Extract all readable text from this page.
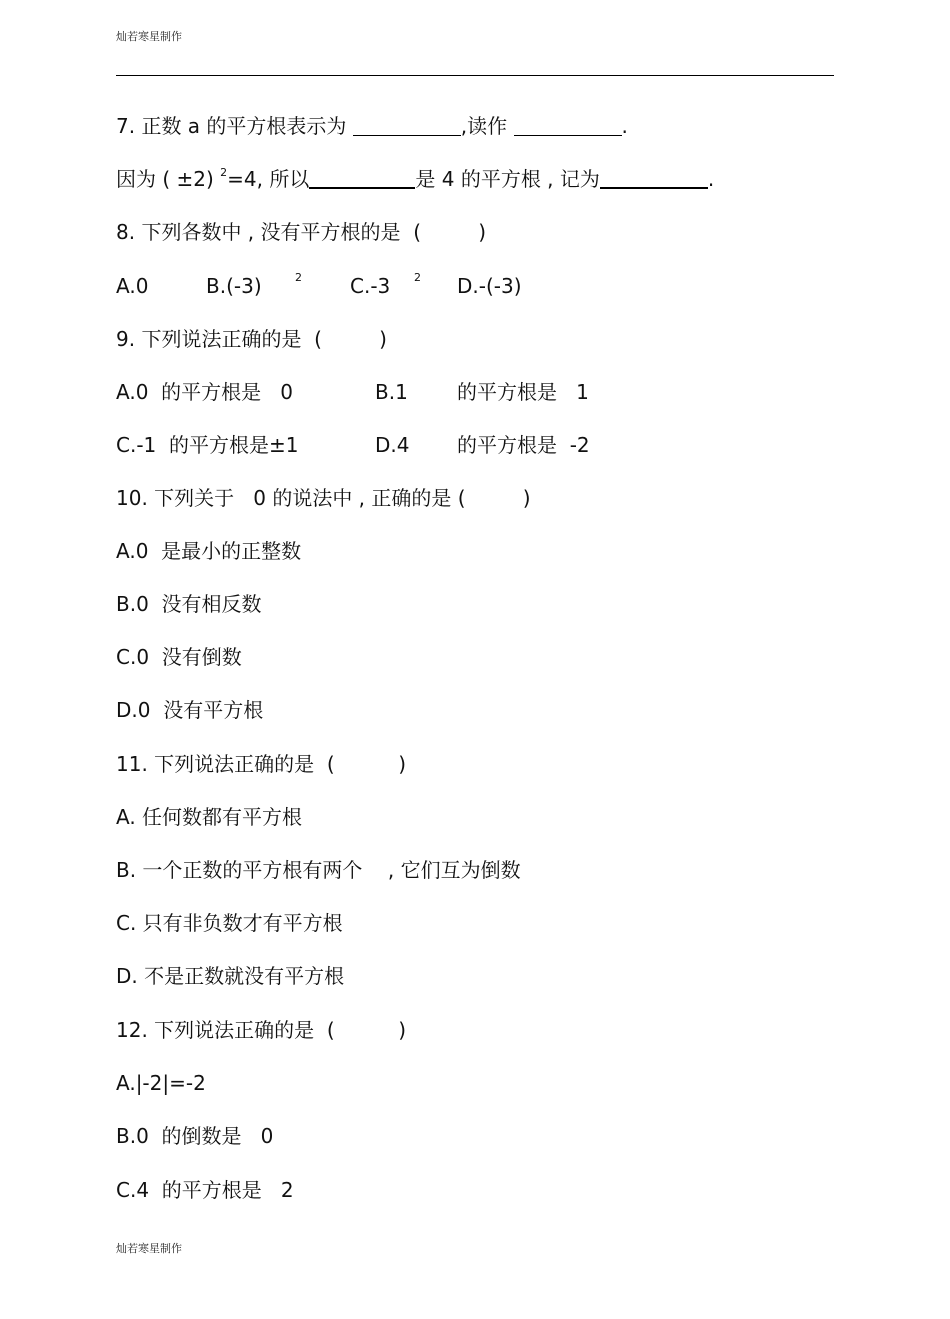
灿若寒星制作
7. 正数 a 的平方根表示为	,读作	.
因为 ( ±2) $^2$=4, 所以	是 4 的平方根 , 记为	.
8. 下列各数中 , 没有平方根的是  (         )

A.0

	B.(-3)

	2

C.-3

2

D.-(-3)

9. 下列说法正确的是  (         )

A.0  的平方根是   0

	B.1

的平方根是   1

C.-1  的平方根是±1

	D.4

的平方根是  -2

10. 下列关于   0 的说法中 , 正确的是 (         )
A.0  是最小的正整数
B.0  没有相反数
C.0  没有倒数
D.0  没有平方根
11. 下列说法正确的是  (          )
A. 任何数都有平方根
B. 一个正数的平方根有两个    , 它们互为倒数
C. 只有非负数才有平方根
D. 不是正数就没有平方根
12. 下列说法正确的是  (          )
A.|-2|=-2
B.0  的倒数是   0
C.4  的平方根是   2
灿若寒星制作
